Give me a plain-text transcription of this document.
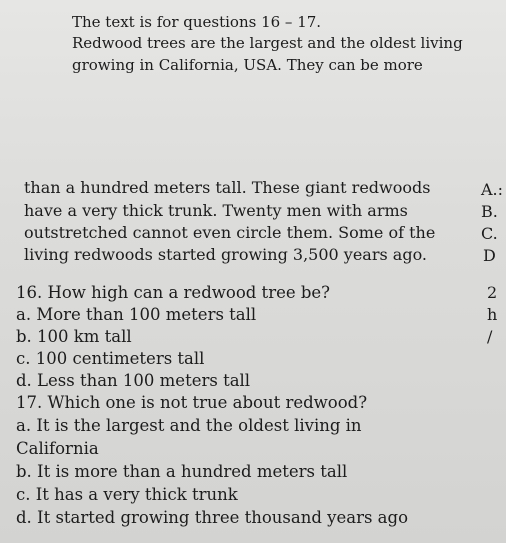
The text is for questions 16 – 17.
Redwood trees are the largest and the oldest living
growing in California, USA. They can be more
than a hundred meters tall. These giant redwoods
have a very thick trunk. Twenty men with arms
outstretched cannot even circle them. Some of the
living redwoods started growing 3,500 years ago.
A.:
B.
C.
D
2
h
/
16. How high can a redwood tree be?
a. More than 100 meters tall
b. 100 km tall
c. 100 centimeters tall
d. Less than 100 meters tall
17. Which one is not true about redwood?
a. It is the largest and the oldest living in
California
b. It is more than a hundred meters tall
c. It has a very thick trunk
d. It started growing three thousand years ago
